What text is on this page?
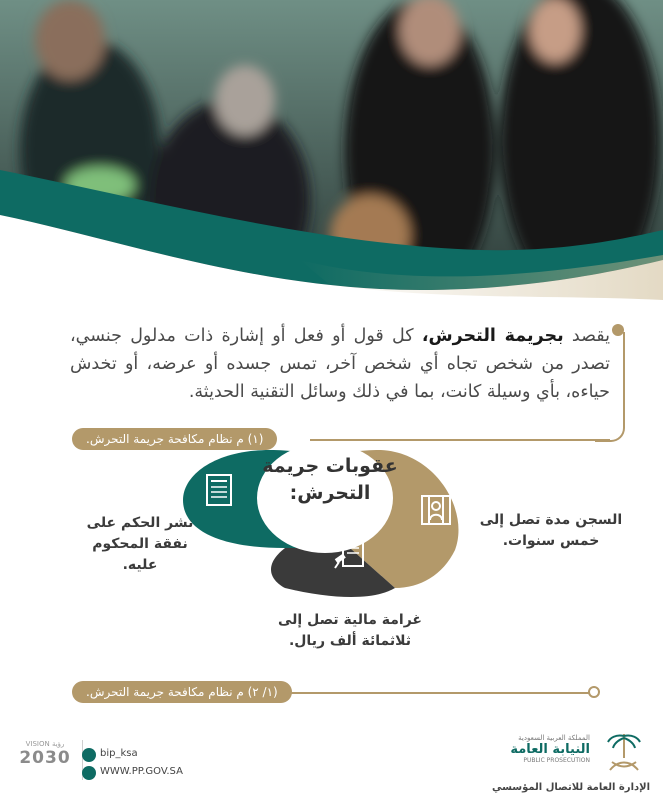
يقصد بجريمة التحرش، كل قول أو فعل أو إشارة ذات مدلول جنسي، تصدر من شخص تجاه أي شخص آخر، تمس جسده أو عرضه، أو تخدش حياءه، بأي وسيلة كانت، بما في ذلك وسائل التقنية الحديثة.
(١) م نظام مكافحة جريمة التحرش.
عقوبات جريمة التحرش:
السجن مدة تصل إلى خمس سنوات.
غرامة مالية تصل إلى ثلاثمائة ألف ريال.
نشر الحكم على نفقة المحكوم عليه.
(١/ ٢) م نظام مكافحة جريمة التحرش.
VISION رؤية
2030	bip_ksa
WWW.PP.GOV.SA
المملكة العربية السعودية
النيابة العامة
PUBLIC PROSECUTION
الإدارة العامة للاتصال المؤسسي
